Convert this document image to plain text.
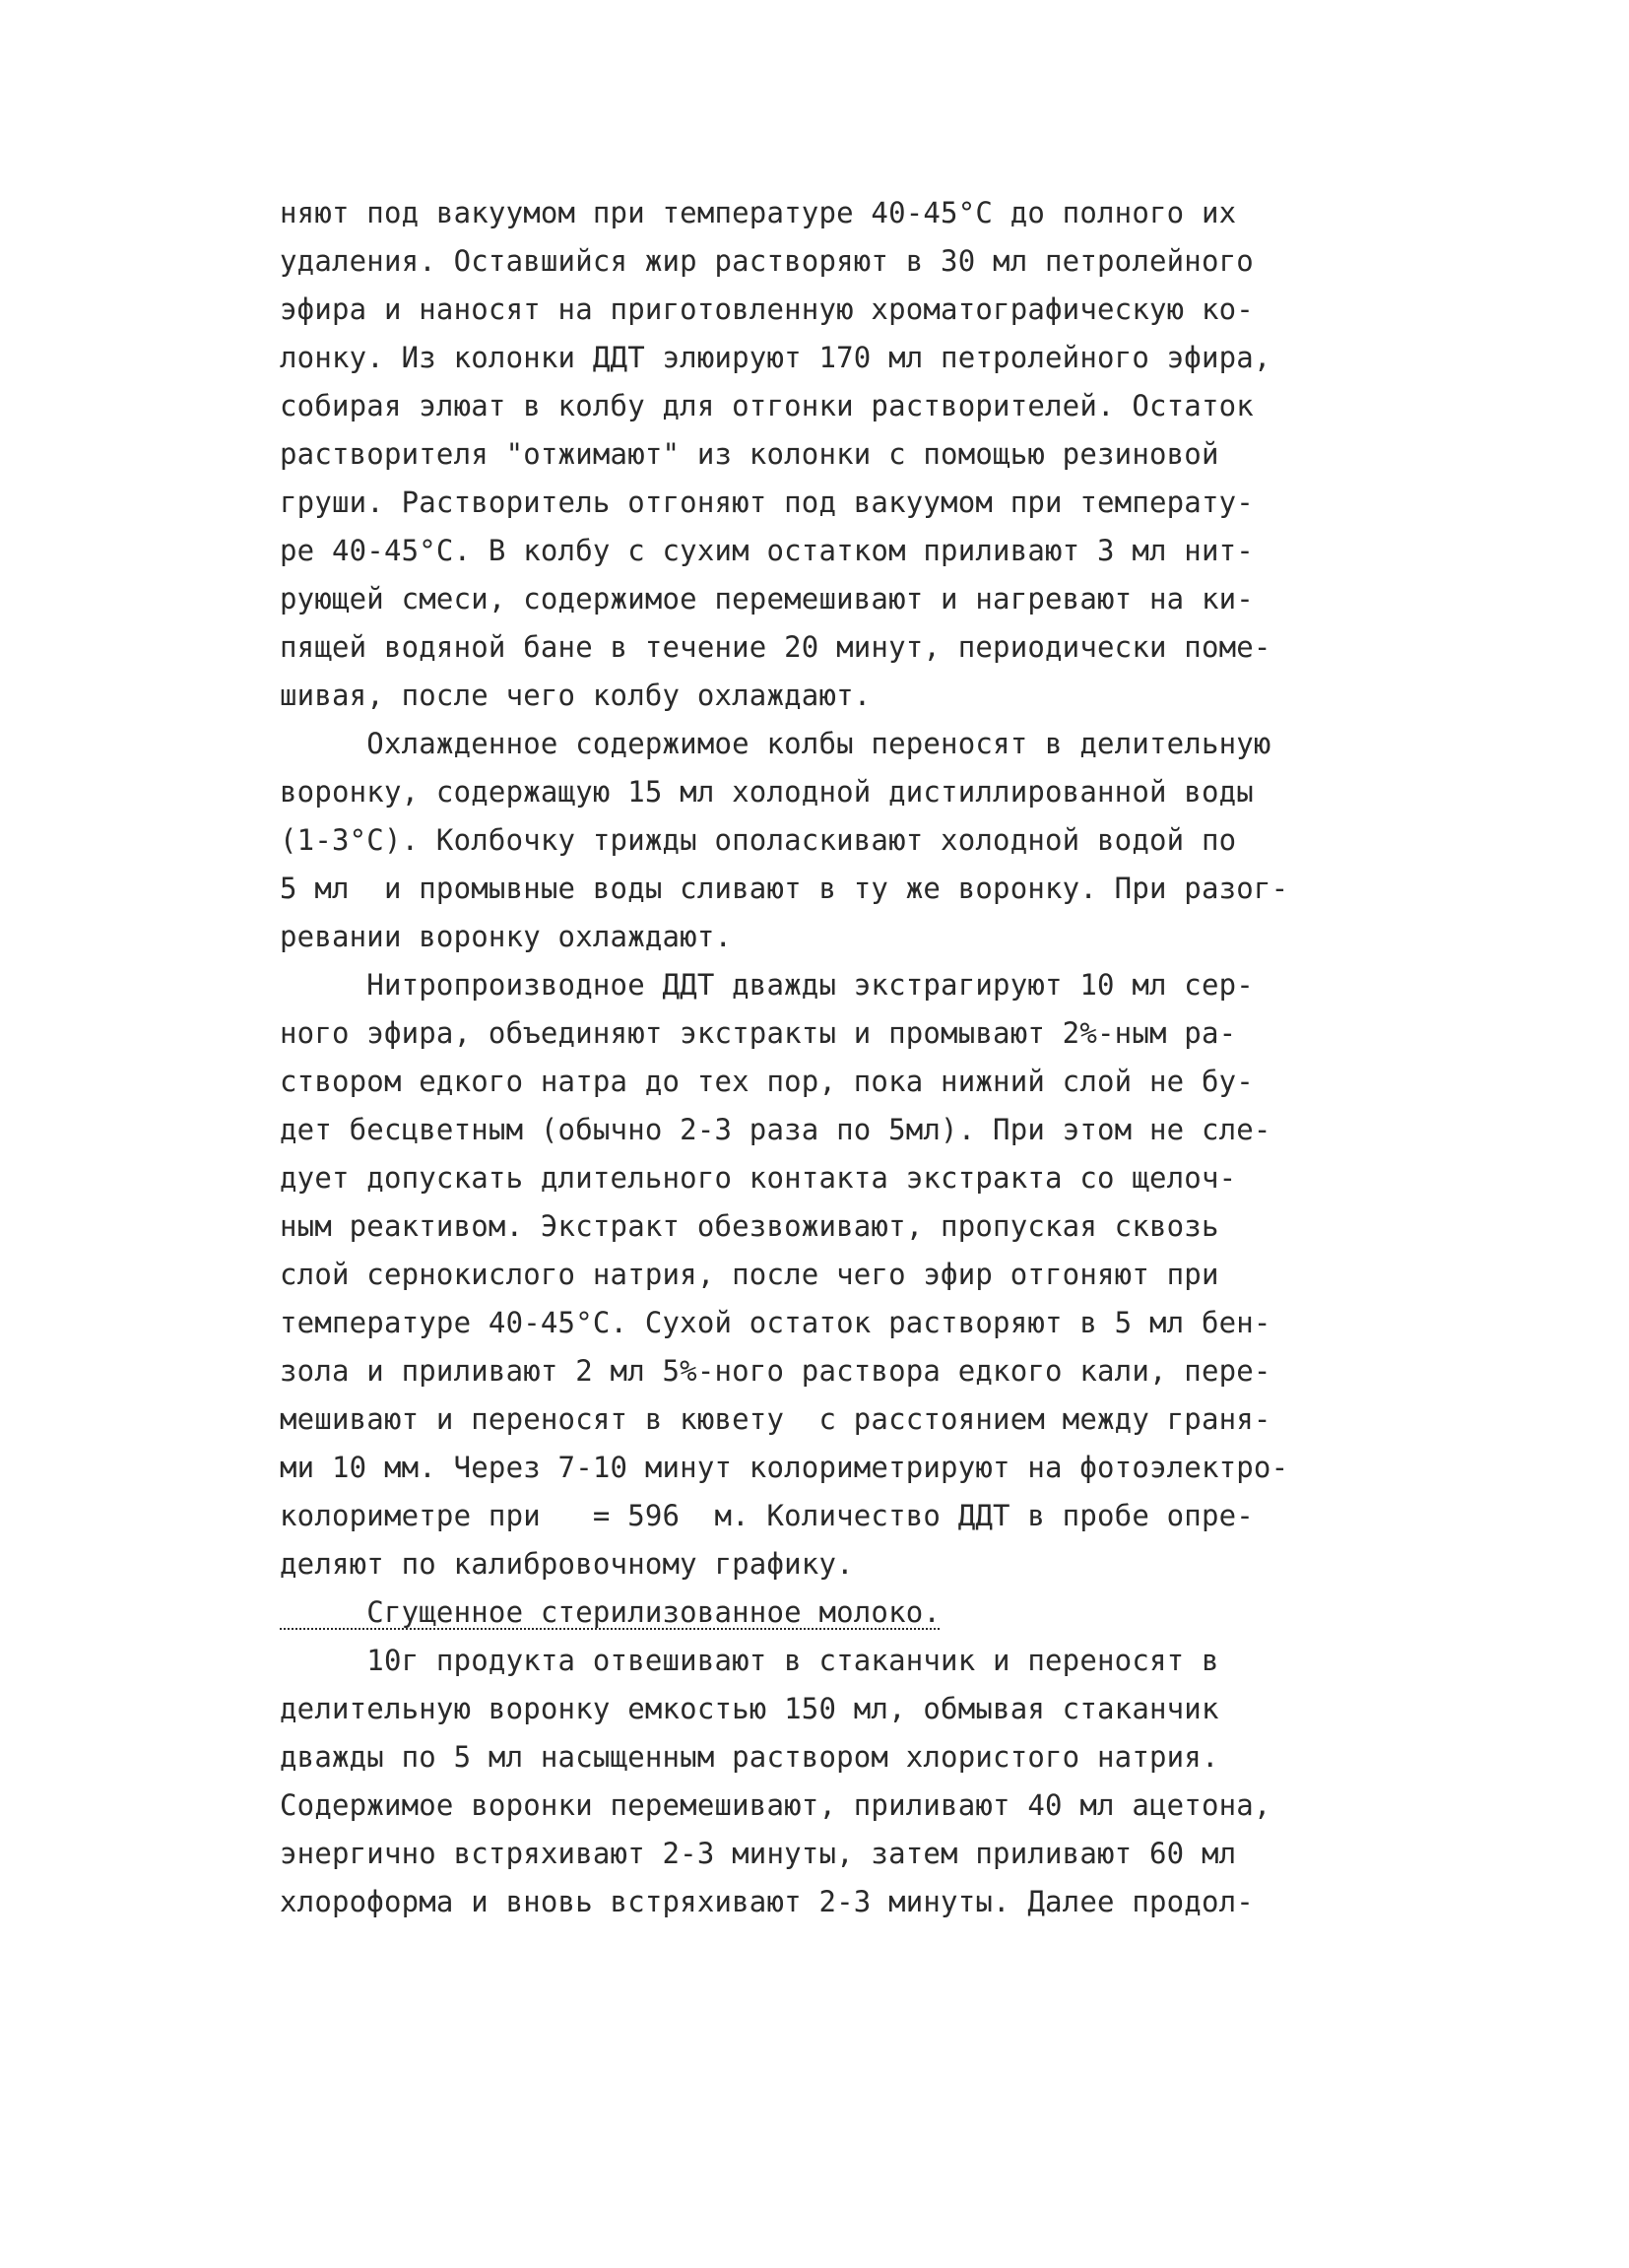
няют под вакуумом при температуре 40-45°С до полного их
удаления. Оставшийся жир растворяют в 30 мл петролейного
эфира и наносят на приготовленную хроматографическую ко-
лонку. Из колонки ДДТ элюируют 170 мл петролейного эфира,
собирая элюат в колбу для отгонки растворителей. Остаток
растворителя "отжимают" из колонки с помощью резиновой
груши. Растворитель отгоняют под вакуумом при температу-
ре 40-45°С. В колбу с сухим остатком приливают 3 мл нит-
рующей смеси, содержимое перемешивают и нагревают на ки-
пящей водяной бане в течение 20 минут, периодически поме-
шивая, после чего колбу охлаждают.
Охлажденное содержимое колбы переносят в делительную
воронку, содержащую 15 мл холодной дистиллированной воды
(1-3°С). Колбочку трижды ополаскивают холодной водой по
5 мл  и промывные воды сливают в ту же воронку. При разог-
ревании воронку охлаждают.
Нитропроизводное ДДТ дважды экстрагируют 10 мл сер-
ного эфира, объединяют экстракты и промывают 2%-ным ра-
створом едкого натра до тех пор, пока нижний слой не бу-
дет бесцветным (обычно 2-3 раза по 5мл). При этом не сле-
дует допускать длительного контакта экстракта со щелоч-
ным реактивом. Экстракт обезвоживают, пропуская сквозь
слой сернокислого натрия, после чего эфир отгоняют при
температуре 40-45°С. Сухой остаток растворяют в 5 мл бен-
зола и приливают 2 мл 5%-ного раствора едкого кали, пере-
мешивают и переносят в кювету  с расстоянием между граня-
ми 10 мм. Через 7-10 минут колориметрируют на фотоэлектро-
колориметре при   = 596  м. Количество ДДТ в пробе опре-
деляют по калибровочному графику.
Сгущенное стерилизованное молоко.
10г продукта отвешивают в стаканчик и переносят в
делительную воронку емкостью 150 мл, обмывая стаканчик
дважды по 5 мл насыщенным раствором хлористого натрия.
Содержимое воронки перемешивают, приливают 40 мл ацетона,
энергично встряхивают 2-3 минуты, затем приливают 60 мл
хлороформа и вновь встряхивают 2-3 минуты. Далее продол-
